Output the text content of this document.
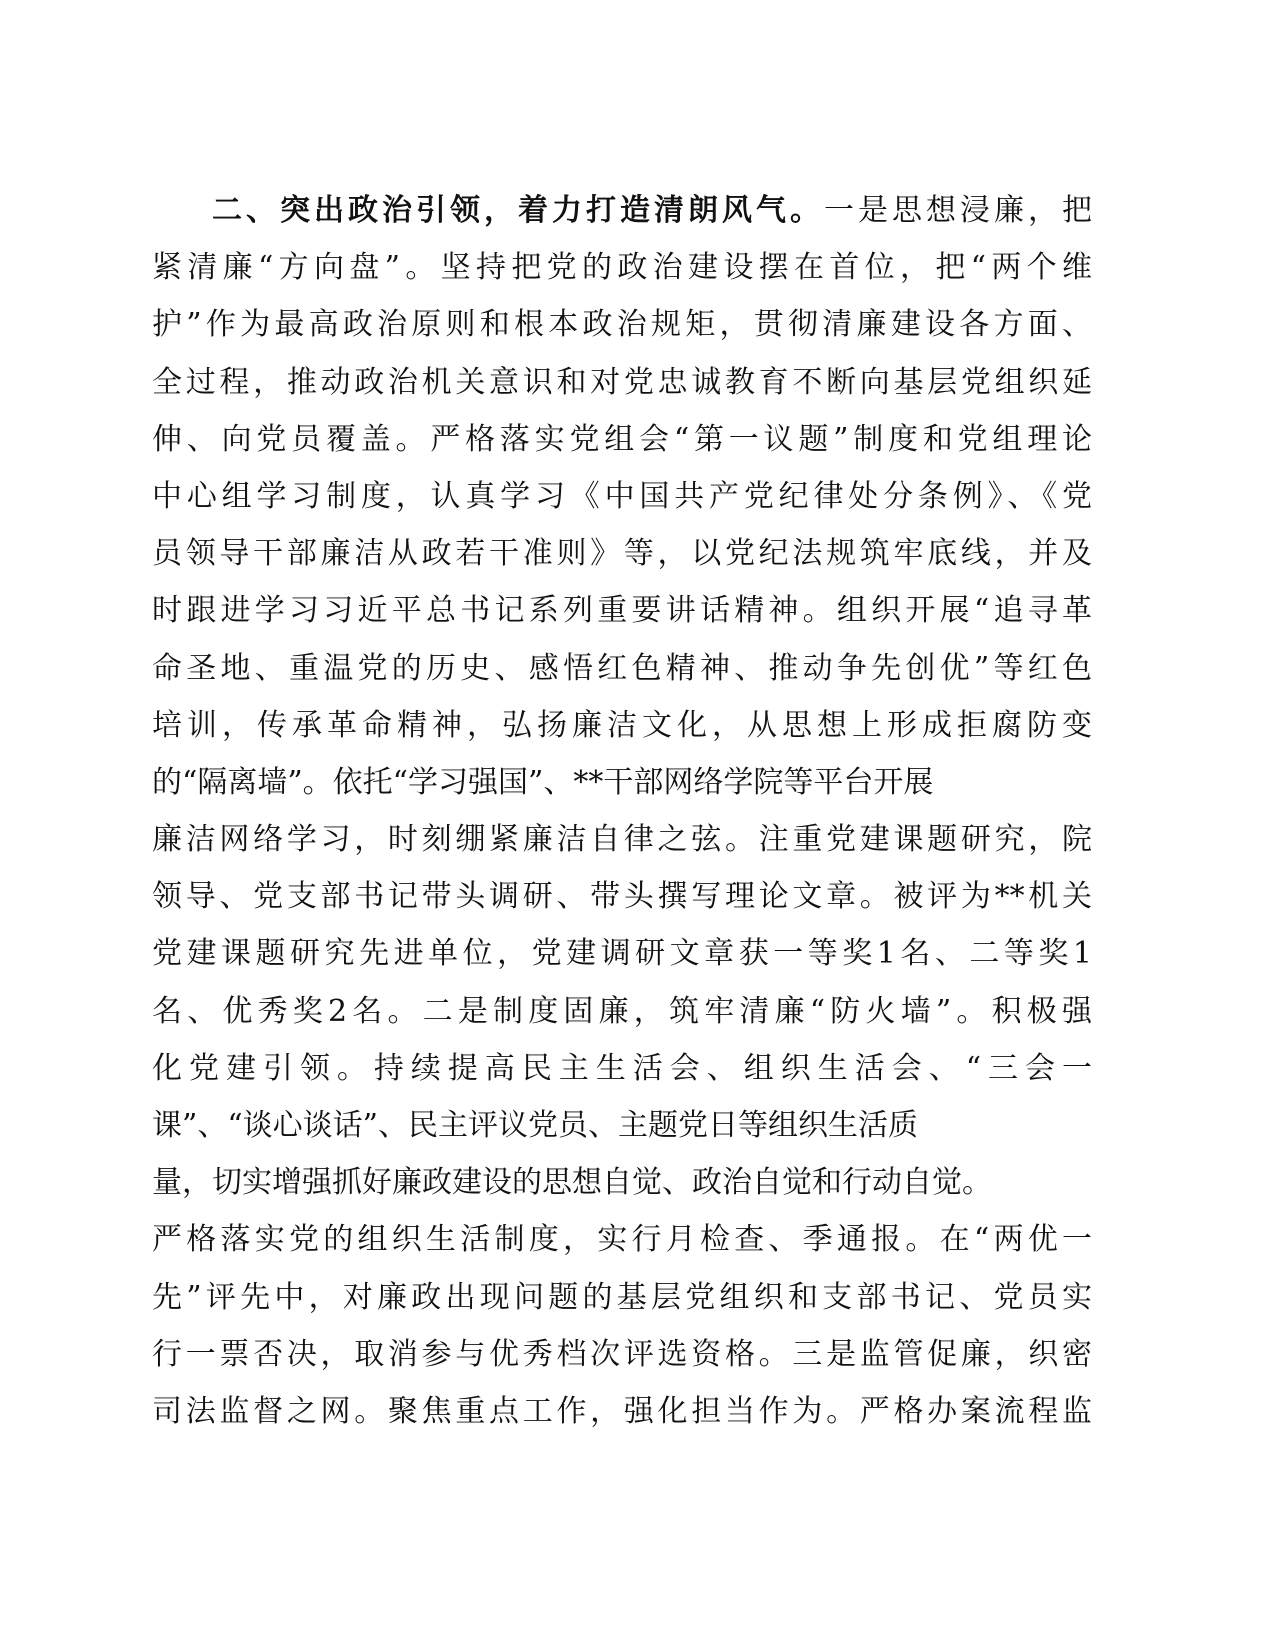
二、突出政治引领，着力打造清朗风气。一是思想浸廉，把
紧清廉“方向盘”。坚持把党的政治建设摆在首位，把“两个维
护”作为最高政治原则和根本政治规矩，贯彻清廉建设各方面、
全过程，推动政治机关意识和对党忠诚教育不断向基层党组织延
伸、向党员覆盖。严格落实党组会“第一议题”制度和党组理论
中心组学习制度，认真学习《中国共产党纪律处分条例》、《党
员领导干部廉洁从政若干准则》等，以党纪法规筑牢底线，并及
时跟进学习习近平总书记系列重要讲话精神。组织开展“追寻革
命圣地、重温党的历史、感悟红色精神、推动争先创优”等红色
培训，传承革命精神，弘扬廉洁文化，从思想上形成拒腐防变
的“隔离墙”。依托“学习强国”、**干部网络学院等平台开展
廉洁网络学习，时刻绷紧廉洁自律之弦。注重党建课题研究，院
领导、党支部书记带头调研、带头撰写理论文章。被评为**机关
党建课题研究先进单位，党建调研文章获一等奖1名、二等奖1
名、优秀奖2名。二是制度固廉，筑牢清廉“防火墙”。积极强
化党建引领。持续提高民主生活会、组织生活会、“三会一
课”、“谈心谈话”、民主评议党员、主题党日等组织生活质
量，切实增强抓好廉政建设的思想自觉、政治自觉和行动自觉。
严格落实党的组织生活制度，实行月检查、季通报。在“两优一
先”评先中，对廉政出现问题的基层党组织和支部书记、党员实
行一票否决，取消参与优秀档次评选资格。三是监管促廉，织密
司法监督之网。聚焦重点工作，强化担当作为。严格办案流程监
